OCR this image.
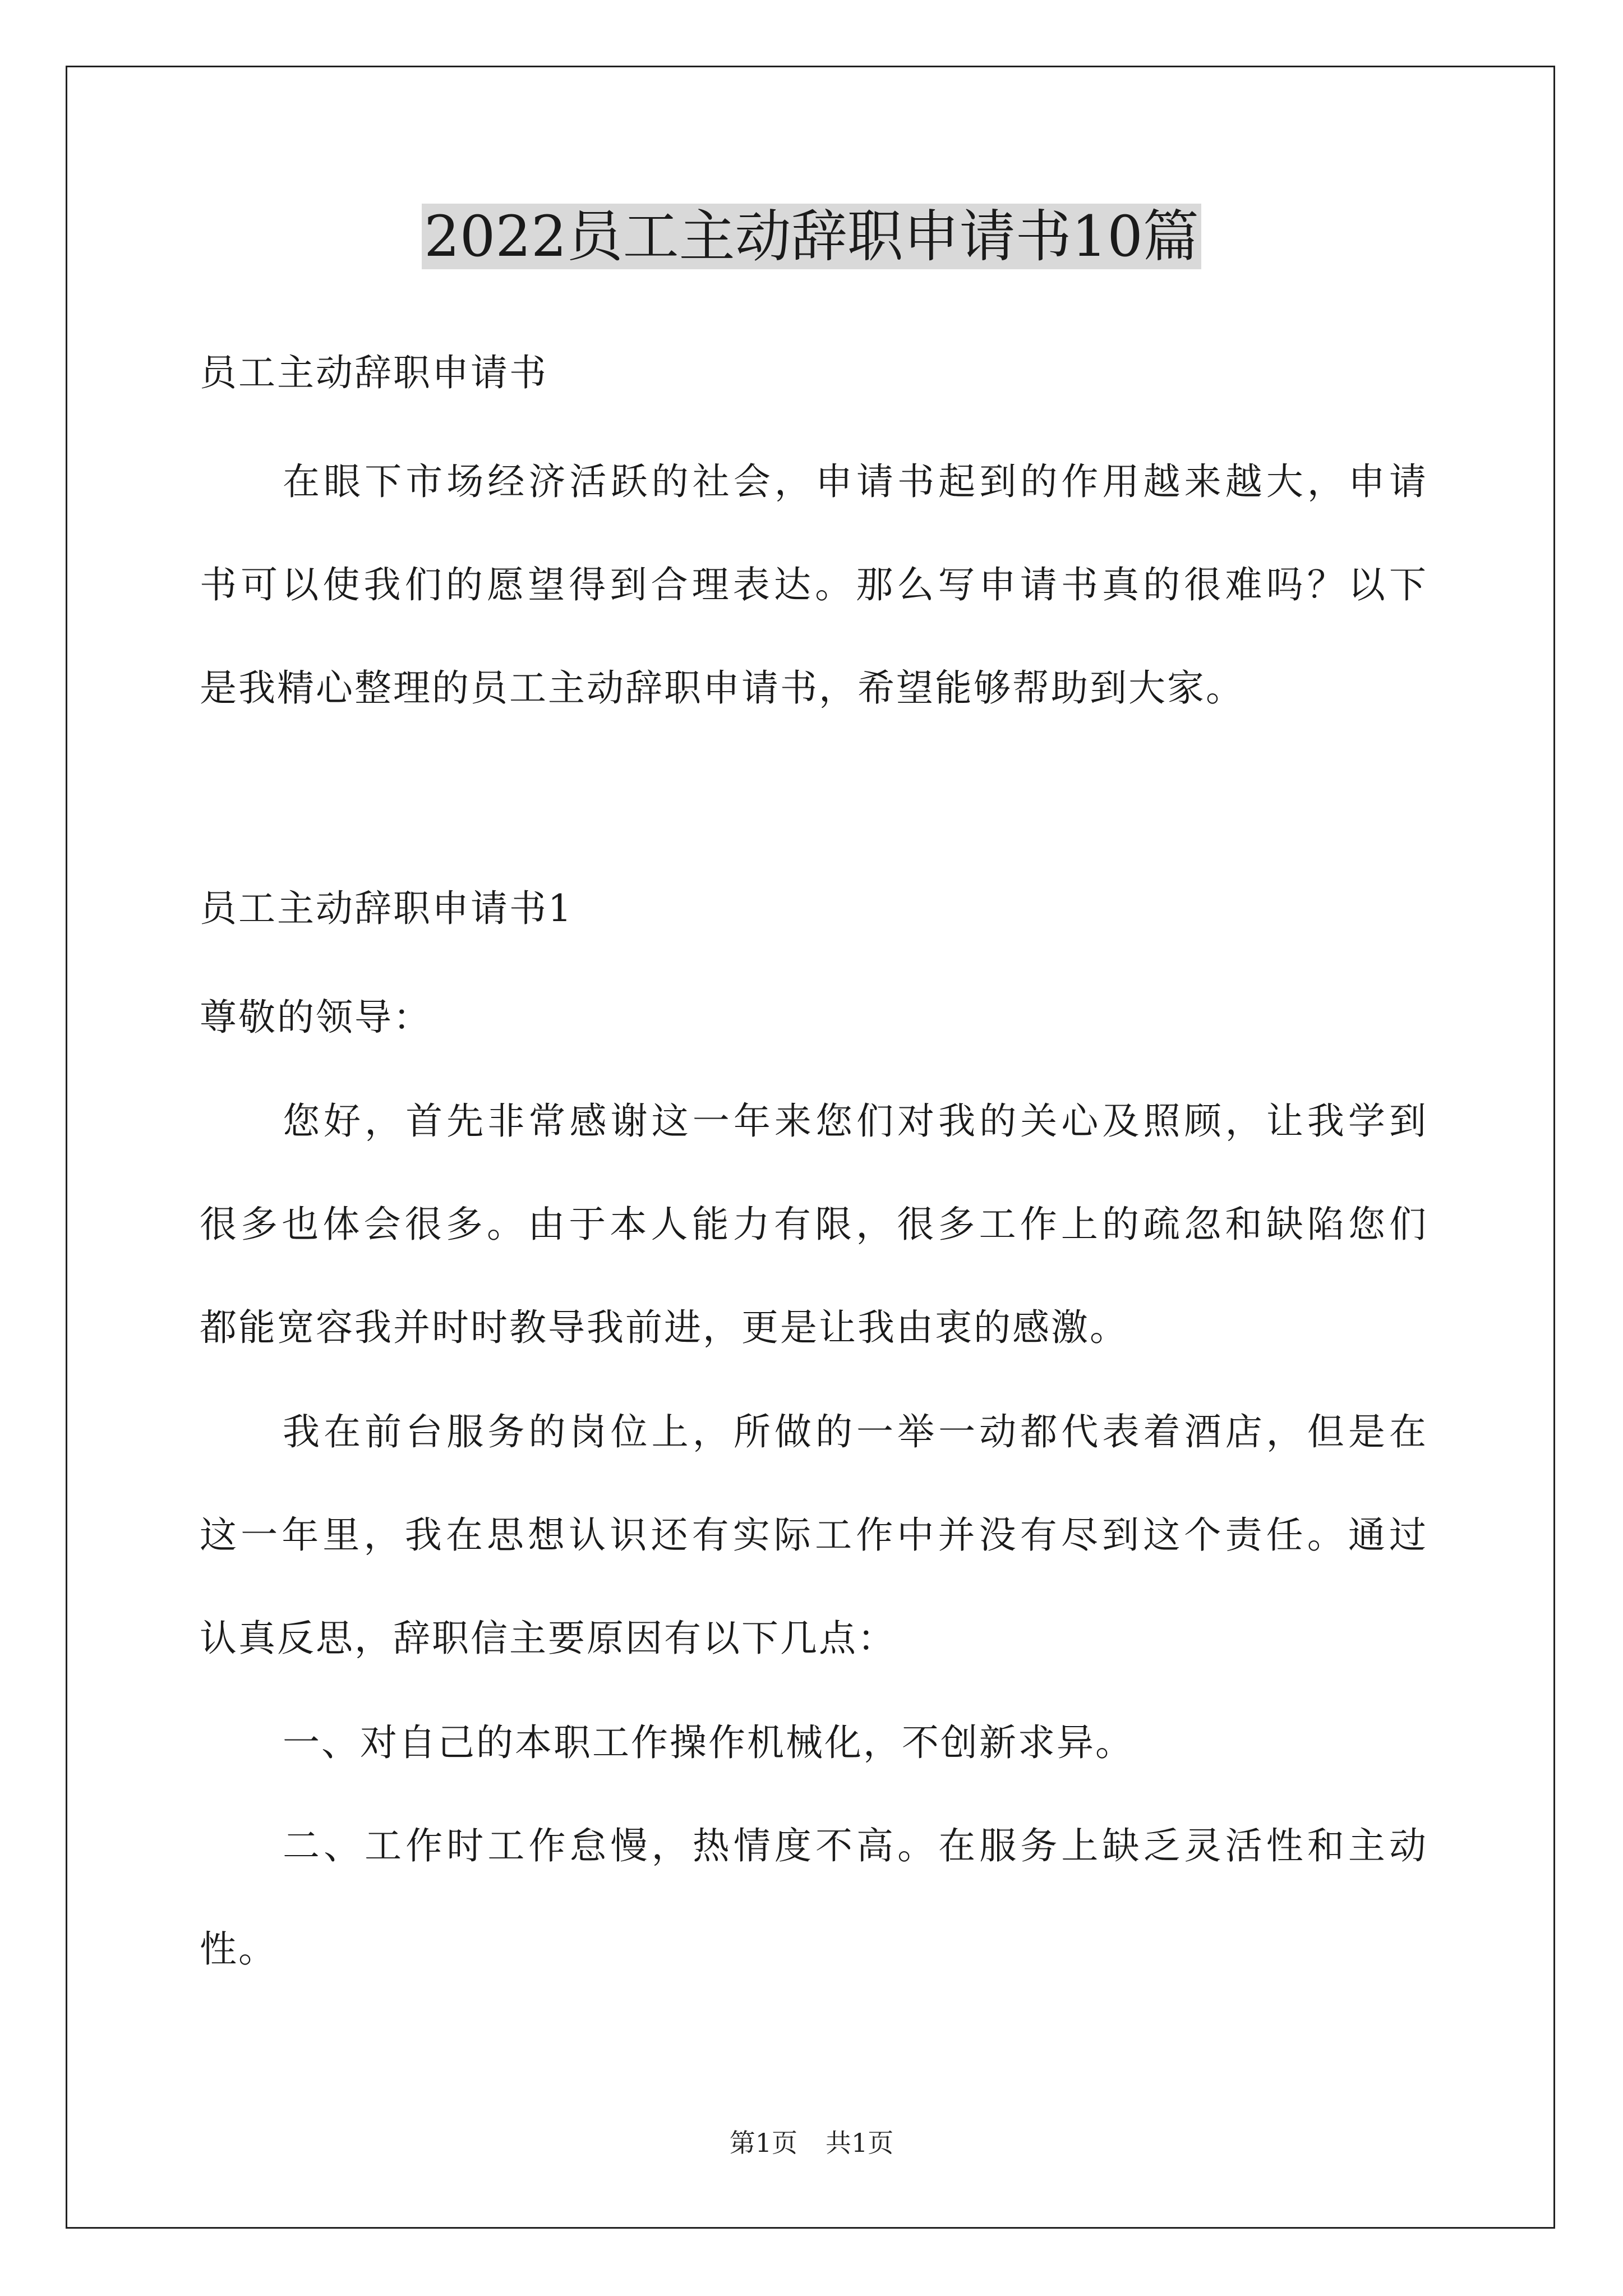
2022员工主动辞职申请书10篇

员工主动辞职申请书

在眼下市场经济活跃的社会，申请书起到的作用越来越大，申请

书可以使我们的愿望得到合理表达。那么写申请书真的很难吗？以下

是我精心整理的员工主动辞职申请书，希望能够帮助到大家。

员工主动辞职申请书1

尊敬的领导：

您好，首先非常感谢这一年来您们对我的关心及照顾，让我学到

很多也体会很多。由于本人能力有限，很多工作上的疏忽和缺陷您们

都能宽容我并时时教导我前进，更是让我由衷的感激。

我在前台服务的岗位上，所做的一举一动都代表着酒店，但是在

这一年里，我在思想认识还有实际工作中并没有尽到这个责任。通过

认真反思，辞职信主要原因有以下几点：

一、对自己的本职工作操作机械化，不创新求异。

二、工作时工作怠慢，热情度不高。在服务上缺乏灵活性和主动

性。

第1页 共1页
